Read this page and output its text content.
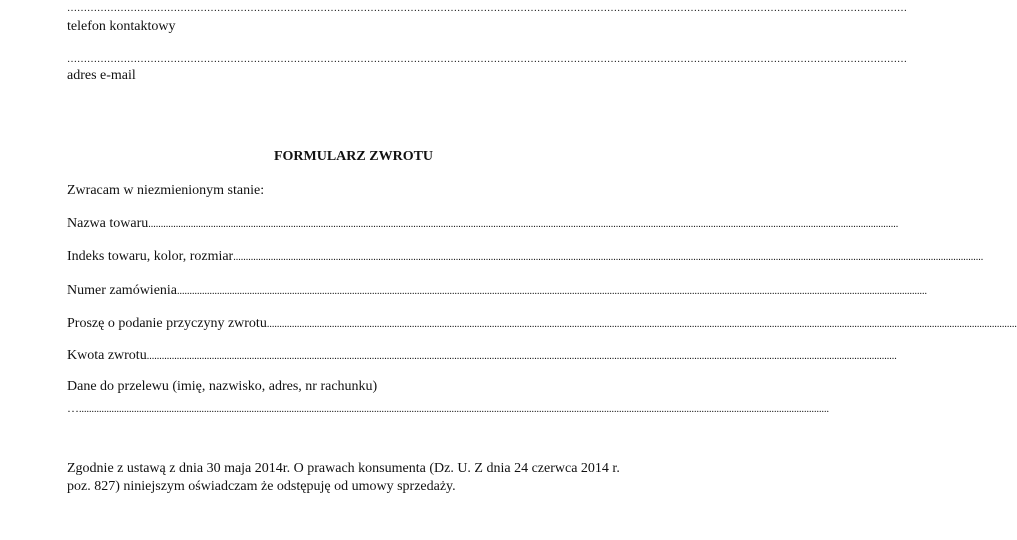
………………………………………………………………………………………………………………………………………………………………………………………………………………………………
telefon kontaktowy
………………………………………………………………………………………………………………………………………………………………………………………………………………………………
adres e-mail
FORMULARZ ZWROTU
Zwracam w niezmienionym stanie:
Nazwa towaru ............................................................................................................................................................................................................................................................................................................
Indeks towaru, kolor, rozmiar ............................................................................................................................................................................................................................................................................................................
Numer zamówienia ............................................................................................................................................................................................................................................................................................................
Proszę o podanie przyczyny zwrotu ............................................................................................................................................................................................................................................................................................................
Kwota zwrotu ............................................................................................................................................................................................................................................................................................................
Dane do przelewu (imię, nazwisko, adres, nr rachunku)
… ............................................................................................................................................................................................................................................................................................................
Zgodnie z ustawą z dnia 30 maja 2014r. O prawach konsumenta (Dz. U. Z dnia 24 czerwca 2014 r.
poz. 827) niniejszym oświadczam że odstępuję od umowy sprzedaży.
